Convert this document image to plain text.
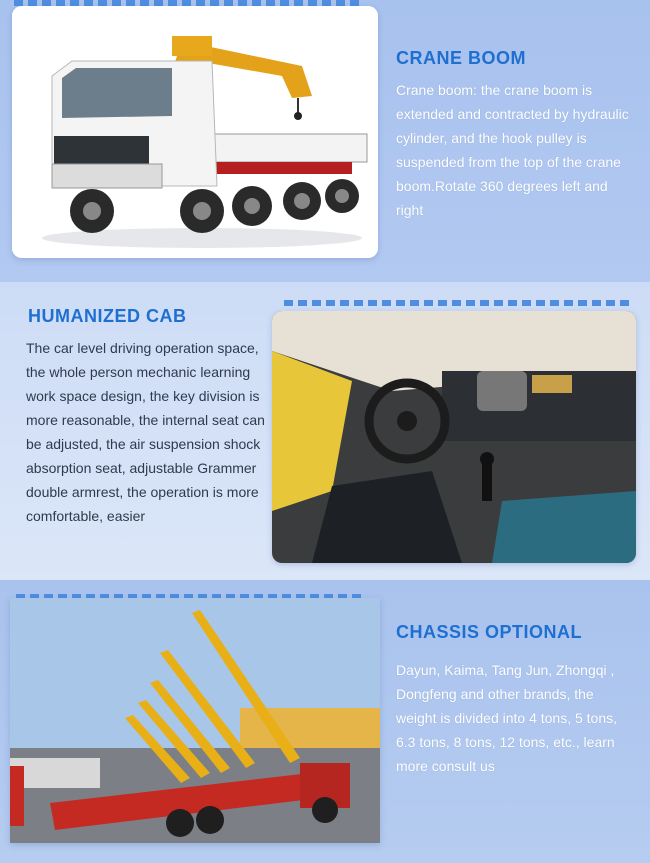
CRANE BOOM
Crane boom: the crane boom is extended and contracted by hydraulic cylinder, and the hook pulley is suspended from the top of the crane boom.Rotate 360 degrees left and right
HUMANIZED CAB
The car level driving operation space, the whole person mechanic learning work space design, the key division is more reasonable, the internal seat can be adjusted, the air suspension shock absorption seat, adjustable Grammer double armrest, the operation is more comfortable, easier
CHASSIS OPTIONAL
Dayun, Kaima, Tang Jun, Zhongqi , Dongfeng and other brands, the weight is divided into 4 tons, 5 tons, 6.3 tons, 8 tons, 12 tons, etc., learn more consult us
